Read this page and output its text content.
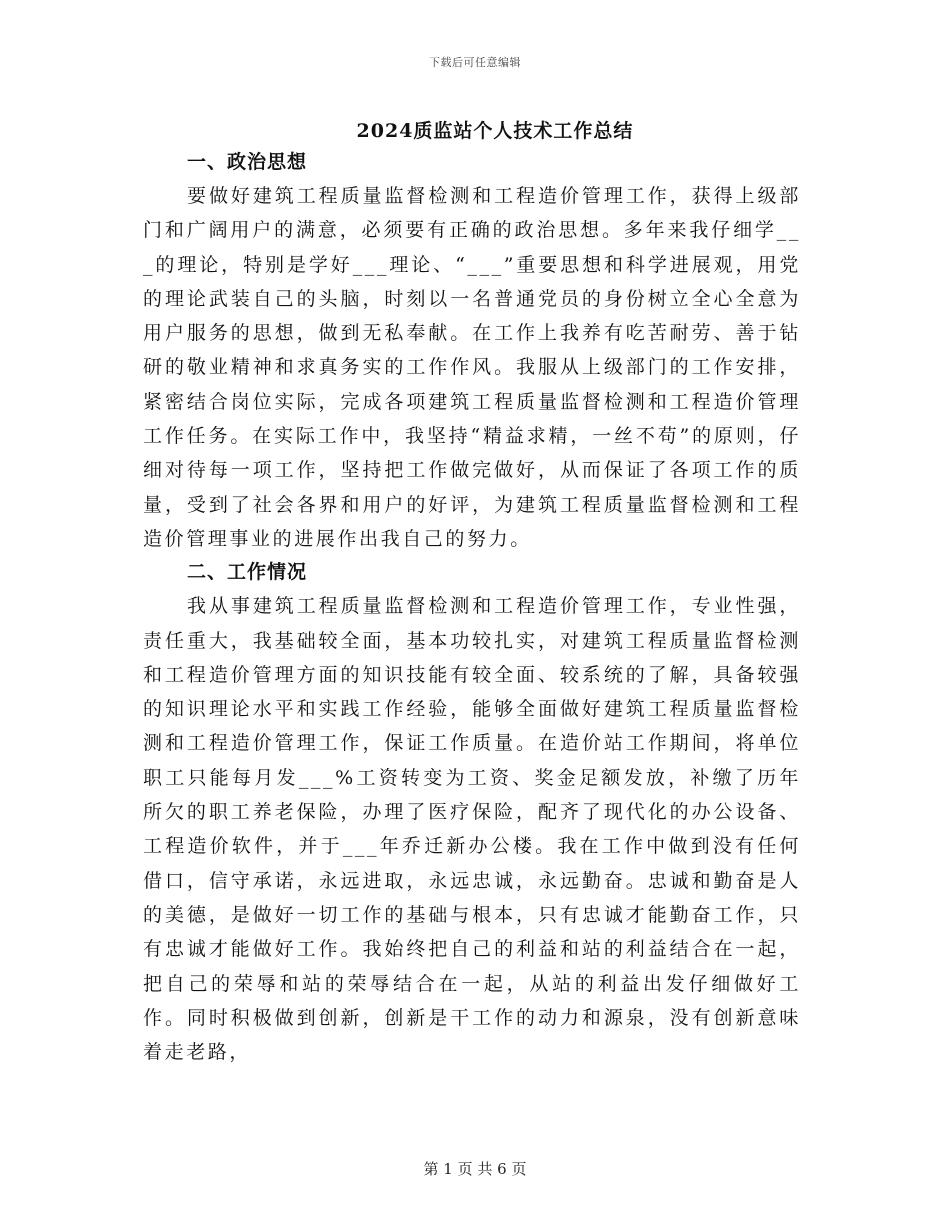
下载后可任意编辑
2024质监站个人技术工作总结

一、政治思想

要做好建筑工程质量监督检测和工程造价管理工作，获得上级部门和广阔用户的满意，必须要有正确的政治思想。多年来我仔细学___的理论，特别是学好___理论、“___”重要思想和科学进展观，用党的理论武装自己的头脑，时刻以一名普通党员的身份树立全心全意为用户服务的思想，做到无私奉献。在工作上我养有吃苦耐劳、善于钻研的敬业精神和求真务实的工作作风。我服从上级部门的工作安排，紧密结合岗位实际，完成各项建筑工程质量监督检测和工程造价管理工作任务。在实际工作中，我坚持“精益求精，一丝不苟”的原则，仔细对待每一项工作，坚持把工作做完做好，从而保证了各项工作的质量，受到了社会各界和用户的好评，为建筑工程质量监督检测和工程造价管理事业的进展作出我自己的努力。

二、工作情况

我从事建筑工程质量监督检测和工程造价管理工作，专业性强，责任重大，我基础较全面，基本功较扎实，对建筑工程质量监督检测和工程造价管理方面的知识技能有较全面、较系统的了解，具备较强的知识理论水平和实践工作经验，能够全面做好建筑工程质量监督检测和工程造价管理工作，保证工作质量。在造价站工作期间，将单位职工只能每月发___%工资转变为工资、奖金足额发放，补缴了历年所欠的职工养老保险，办理了医疗保险，配齐了现代化的办公设备、工程造价软件，并于___年乔迁新办公楼。我在工作中做到没有任何借口，信守承诺，永远进取，永远忠诚，永远勤奋。忠诚和勤奋是人的美德，是做好一切工作的基础与根本，只有忠诚才能勤奋工作，只有忠诚才能做好工作。我始终把自己的利益和站的利益结合在一起，把自己的荣辱和站的荣辱结合在一起，从站的利益出发仔细做好工作。同时积极做到创新，创新是干工作的动力和源泉，没有创新意味着走老路，

第 1 页 共 6 页
